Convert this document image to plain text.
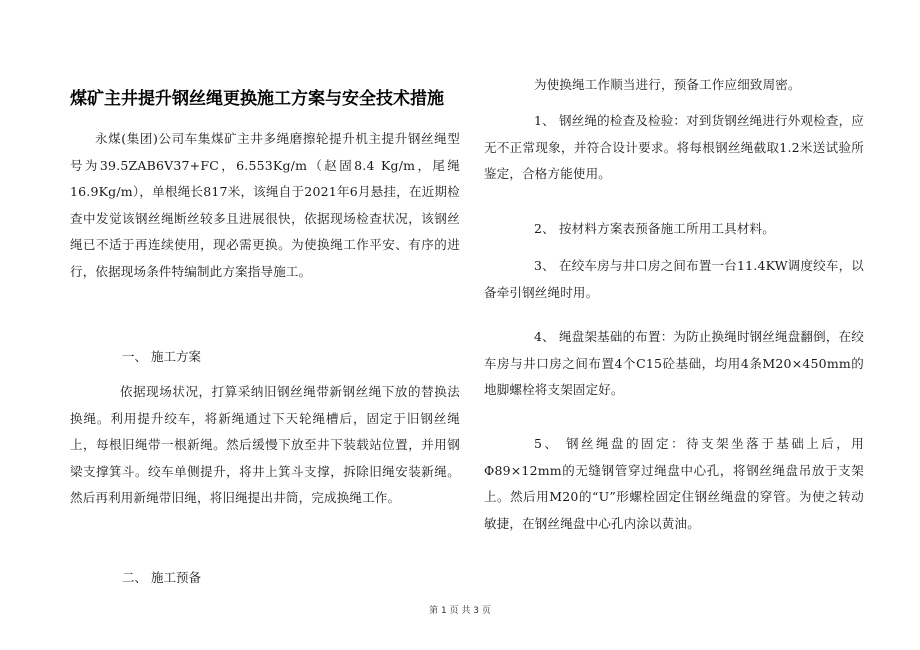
煤矿主井提升钢丝绳更换施工方案与安全技术措施
永煤(集团)公司车集煤矿主井多绳磨擦轮提升机主提升钢丝绳型号为39.5ZAB6V37+FC，6.553Kg/m（赵固8.4 Kg/m，尾绳16.9Kg/m），单根绳长817米，该绳自于2021年6月悬挂，在近期检查中发觉该钢丝绳断丝较多且进展很快，依据现场检查状况，该钢丝绳已不适于再连续使用，现必需更换。为使换绳工作平安、有序的进行，依据现场条件特编制此方案指导施工。
一、 施工方案
依据现场状况，打算采纳旧钢丝绳带新钢丝绳下放的替换法换绳。利用提升绞车，将新绳通过下天轮绳槽后，固定于旧钢丝绳上，每根旧绳带一根新绳。然后缓慢下放至井下装载站位置，并用钢梁支撑箕斗。绞车单侧提升，将井上箕斗支撑，拆除旧绳安装新绳。然后再利用新绳带旧绳，将旧绳提出井筒，完成换绳工作。
二、 施工预备
为使换绳工作顺当进行，预备工作应细致周密。
1、 钢丝绳的检查及检验：对到货钢丝绳进行外观检查，应无不正常现象，并符合设计要求。将每根钢丝绳截取1.2米送试验所鉴定，合格方能使用。
2、 按材料方案表预备施工所用工具材料。
3、 在绞车房与井口房之间布置一台11.4KW调度绞车，以备牵引钢丝绳时用。
4、 绳盘架基础的布置：为防止换绳时钢丝绳盘翻倒，在绞车房与井口房之间布置4个C15砼基础，均用4条M20×450mm的地脚螺栓将支架固定好。
5、 钢丝绳盘的固定：待支架坐落于基础上后，用Φ89×12mm的无缝钢管穿过绳盘中心孔，将钢丝绳盘吊放于支架上。然后用M20的“U”形螺栓固定住钢丝绳盘的穿管。为使之转动敏捷，在钢丝绳盘中心孔内涂以黄油。
第 1 页 共 3 页
